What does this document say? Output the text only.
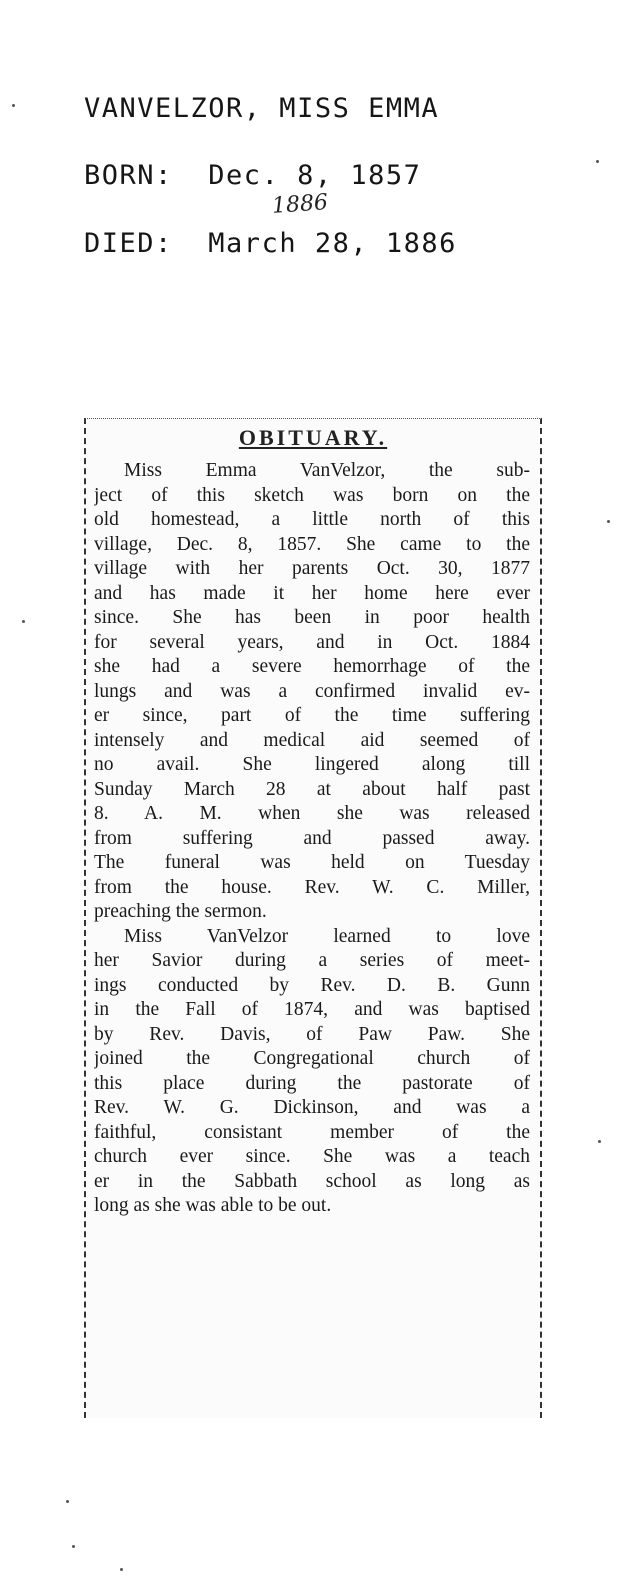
VANVELZOR, MISS EMMA

BORN: Dec. 8, 1857
1886
DIED: March 28, 1886
OBITUARY.
Miss Emma VanVelzor, the sub-
ject of this sketch was born on the
old homestead, a little north of this
village, Dec. 8, 1857. She came to the
village with her parents Oct. 30, 1877
and has made it her home here ever
since. She has been in poor health
for several years, and in Oct. 1884
she had a severe hemorrhage of the
lungs and was a confirmed invalid ev-
er since, part of the time suffering
intensely and medical aid seemed of
no avail. She lingered along till
Sunday March 28 at about half past
8. A. M. when she was released
from suffering and passed away.
The funeral was held on Tuesday
from the house. Rev. W. C. Miller,
preaching the sermon.
Miss VanVelzor learned to love
her Savior during a series of meet-
ings conducted by Rev. D. B. Gunn
in the Fall of 1874, and was baptised
by Rev. Davis, of Paw Paw. She
joined the Congregational church of
this place during the pastorate of
Rev. W. G. Dickinson, and was a
faithful, consistant member of the
church ever since. She was a teach
er in the Sabbath school as long as
long as she was able to be out.
